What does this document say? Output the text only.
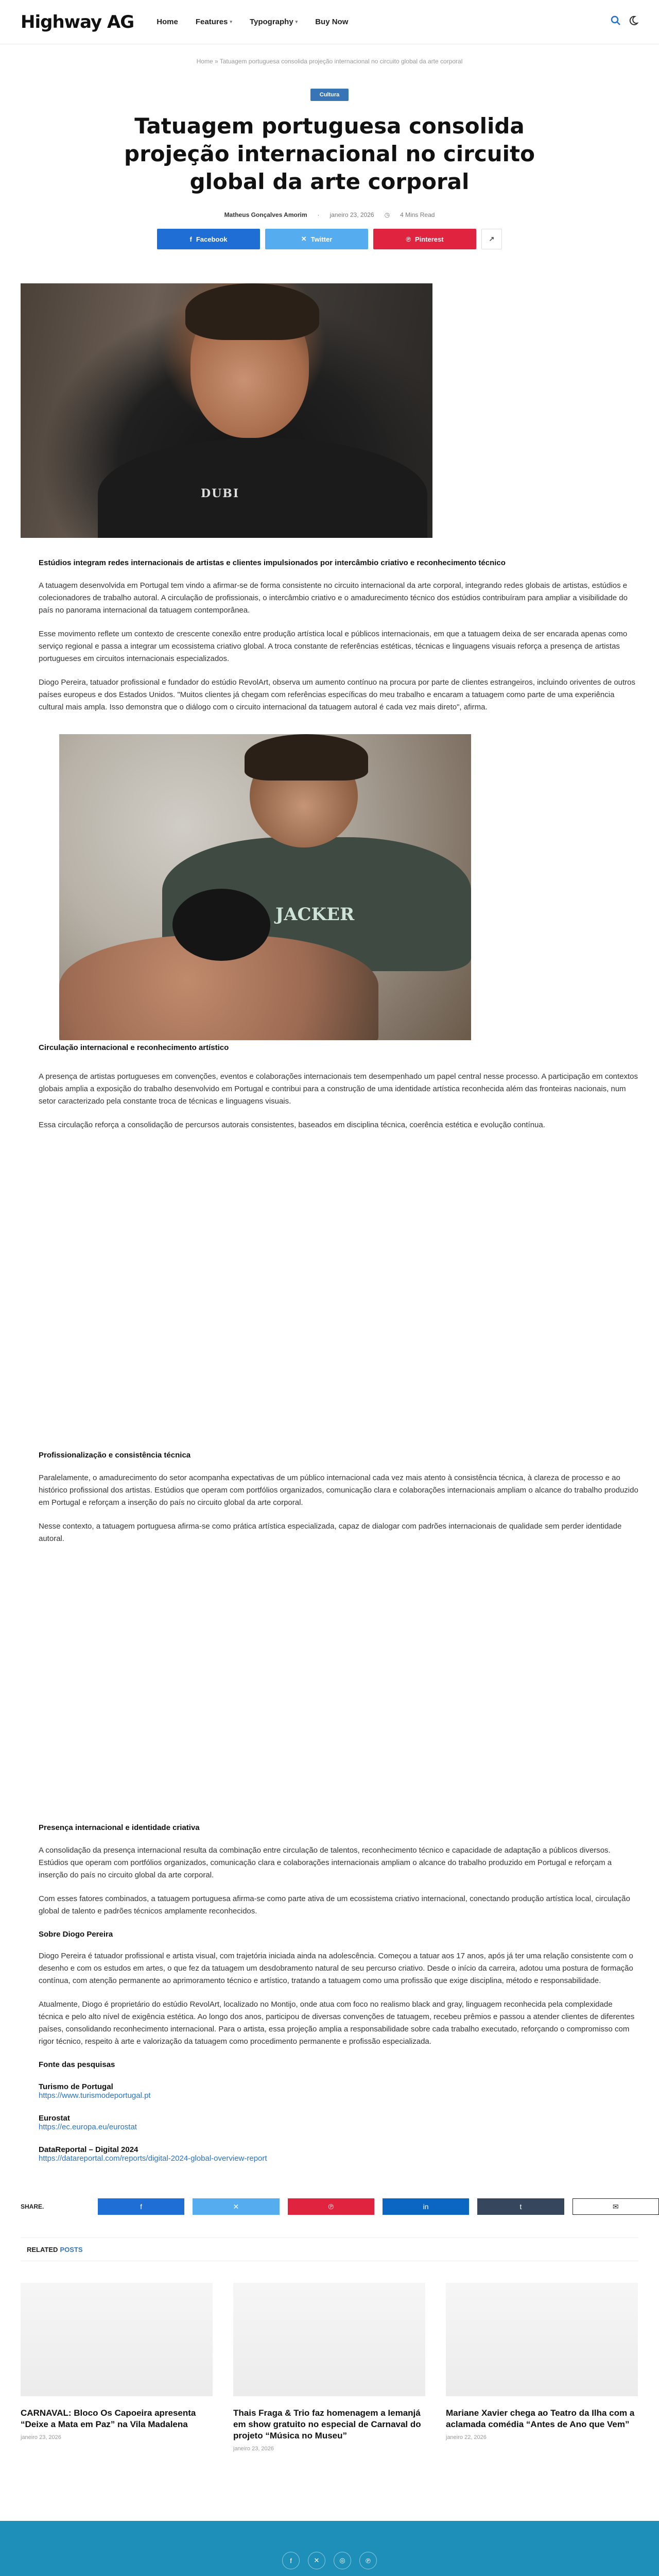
Highway AG	Home Features ▾ Typography ▾ Buy Now
Home » Tatuagem portuguesa consolida projeção internacional no circuito global da arte corporal
Cultura
Tatuagem portuguesa consolida projeção internacional no circuito global da arte corporal
Matheus Gonçalves Amorim · janeiro 23, 2026 ◷ 4 Mins Read
f Facebook	✕ Twitter	℗ Pinterest	↗
DUBI
Estúdios integram redes internacionais de artistas e clientes impulsionados por intercâmbio criativo e reconhecimento técnico

A tatuagem desenvolvida em Portugal tem vindo a afirmar-se de forma consistente no circuito internacional da arte corporal, integrando redes globais de artistas, estúdios e colecionadores de trabalho autoral. A circulação de profissionais, o intercâmbio criativo e o amadurecimento técnico dos estúdios contribuíram para ampliar a visibilidade do país no panorama internacional da tatuagem contemporânea.

Esse movimento reflete um contexto de crescente conexão entre produção artística local e públicos internacionais, em que a tatuagem deixa de ser encarada apenas como serviço regional e passa a integrar um ecossistema criativo global. A troca constante de referências estéticas, técnicas e linguagens visuais reforça a presença de artistas portugueses em circuitos internacionais especializados.

Diogo Pereira, tatuador profissional e fundador do estúdio RevolArt, observa um aumento contínuo na procura por parte de clientes estrangeiros, incluindo oriventes de outros países europeus e dos Estados Unidos. "Muitos clientes já chegam com referências específicas do meu trabalho e encaram a tatuagem como parte de uma experiência cultural mais ampla. Isso demonstra que o diálogo com o circuito internacional da tatuagem autoral é cada vez mais direto", afirma.

JACKER
Circulação internacional e reconhecimento artístico

A presença de artistas portugueses em convenções, eventos e colaborações internacionais tem desempenhado um papel central nesse processo. A participação em contextos globais amplia a exposição do trabalho desenvolvido em Portugal e contribui para a construção de uma identidade artística reconhecida além das fronteiras nacionais, num setor caracterizado pela constante troca de técnicas e linguagens visuais.

Essa circulação reforça a consolidação de percursos autorais consistentes, baseados em disciplina técnica, coerência estética e evolução contínua.

Profissionalização e consistência técnica

Paralelamente, o amadurecimento do setor acompanha expectativas de um público internacional cada vez mais atento à consistência técnica, à clareza de processo e ao histórico profissional dos artistas. Estúdios que operam com portfólios organizados, comunicação clara e colaborações internacionais ampliam o alcance do trabalho produzido em Portugal e reforçam a inserção do país no circuito global da arte corporal.

Nesse contexto, a tatuagem portuguesa afirma-se como prática artística especializada, capaz de dialogar com padrões internacionais de qualidade sem perder identidade autoral.

Presença internacional e identidade criativa

A consolidação da presença internacional resulta da combinação entre circulação de talentos, reconhecimento técnico e capacidade de adaptação a públicos diversos. Estúdios que operam com portfólios organizados, comunicação clara e colaborações internacionais ampliam o alcance do trabalho produzido em Portugal e reforçam a inserção do país no circuito global da arte corporal.

Com esses fatores combinados, a tatuagem portuguesa afirma-se como parte ativa de um ecossistema criativo internacional, conectando produção artística local, circulação global de talento e padrões técnicos amplamente reconhecidos.

Sobre Diogo Pereira

Diogo Pereira é tatuador profissional e artista visual, com trajetória iniciada ainda na adolescência. Começou a tatuar aos 17 anos, após já ter uma relação consistente com o desenho e com os estudos em artes, o que fez da tatuagem um desdobramento natural de seu percurso criativo. Desde o início da carreira, adotou uma postura de formação contínua, com atenção permanente ao aprimoramento técnico e artístico, tratando a tatuagem como uma profissão que exige disciplina, método e responsabilidade.

Atualmente, Diogo é proprietário do estúdio RevolArt, localizado no Montijo, onde atua com foco no realismo black and gray, linguagem reconhecida pela complexidade técnica e pelo alto nível de exigência estética. Ao longo dos anos, participou de diversas convenções de tatuagem, recebeu prêmios e passou a atender clientes de diferentes países, consolidando reconhecimento internacional. Para o artista, essa projeção amplia a responsabilidade sobre cada trabalho executado, reforçando o compromisso com rigor técnico, respeito à arte e valorização da tatuagem como procedimento permanente e profissão especializada.

Fonte das pesquisas
Turismo de Portugal
https://www.turismodeportugal.pt
Eurostat
https://ec.europa.eu/eurostat
DataReportal – Digital 2024
https://datareportal.com/reports/digital-2024-global-overview-report
SHARE.	f	✕	℗	in	t	✉
RELATED POSTS
CARNAVAL: Bloco Os Capoeira apresenta “Deixe a Mata em Paz” na Vila Madalena
janeiro 23, 2026
Thais Fraga & Trio faz homenagem a Iemanjá em show gratuito no especial de Carnaval do projeto “Música no Museu”
janeiro 23, 2026
Mariane Xavier chega ao Teatro da Ilha com a aclamada comédia “Antes de Ano que Vem”
janeiro 22, 2026
f	✕	◎	℗
